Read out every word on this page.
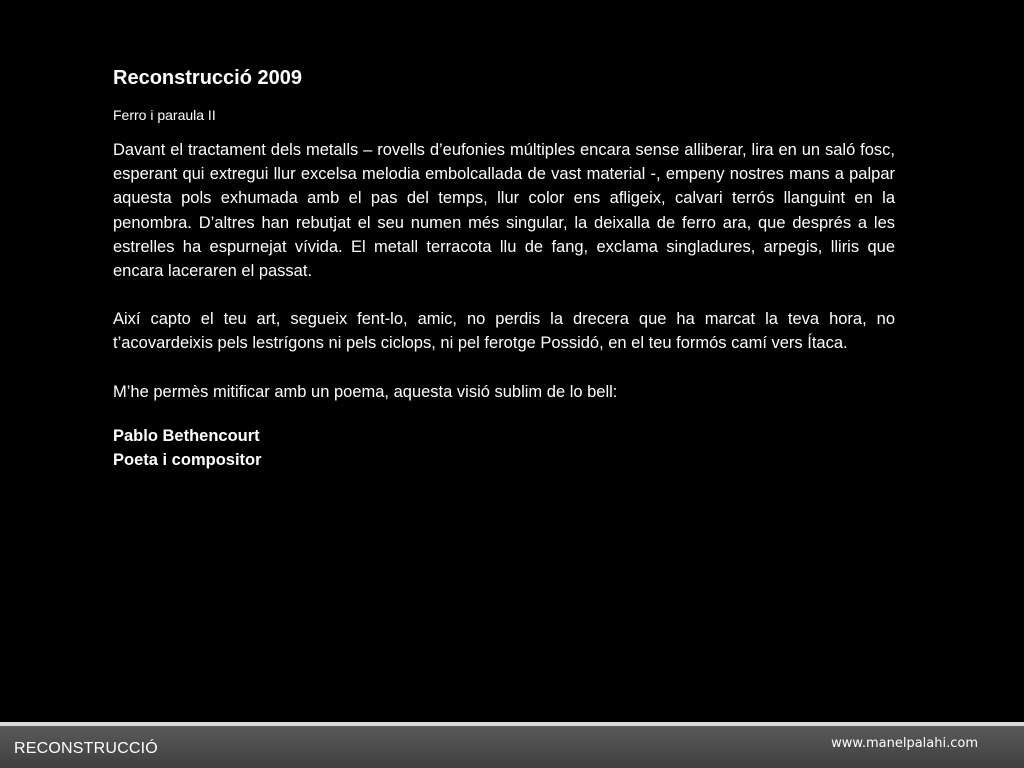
Reconstrucció 2009

Ferro i paraula II

Davant el tractament dels metalls – rovells d’eufonies múltiples encara sense alliberar, lira en un saló fosc, esperant qui extregui llur excelsa melodia embolcallada de vast material -, empeny nostres mans a palpar aquesta pols exhumada amb el pas del temps, llur color ens afligeix, calvari terrós llanguint en la penombra. D’altres han rebutjat el seu numen més singular, la deixalla de ferro ara, que després a les estrelles ha espurnejat vívida. El metall terracota llu de fang, exclama singladures, arpegis, lliris que encara laceraren el passat.

Així capto el teu art, segueix fent-lo, amic, no perdis la drecera que ha marcat la teva hora, no t’acovardeixis pels lestrígons ni pels ciclops, ni pel ferotge Possidó, en el teu formós camí vers Ítaca.

M’he permès mitificar amb un poema, aquesta visió sublim de lo bell:

Pablo Bethencourt
Poeta i compositor
RECONSTRUCCIÓ	www.manelpalahi.com
